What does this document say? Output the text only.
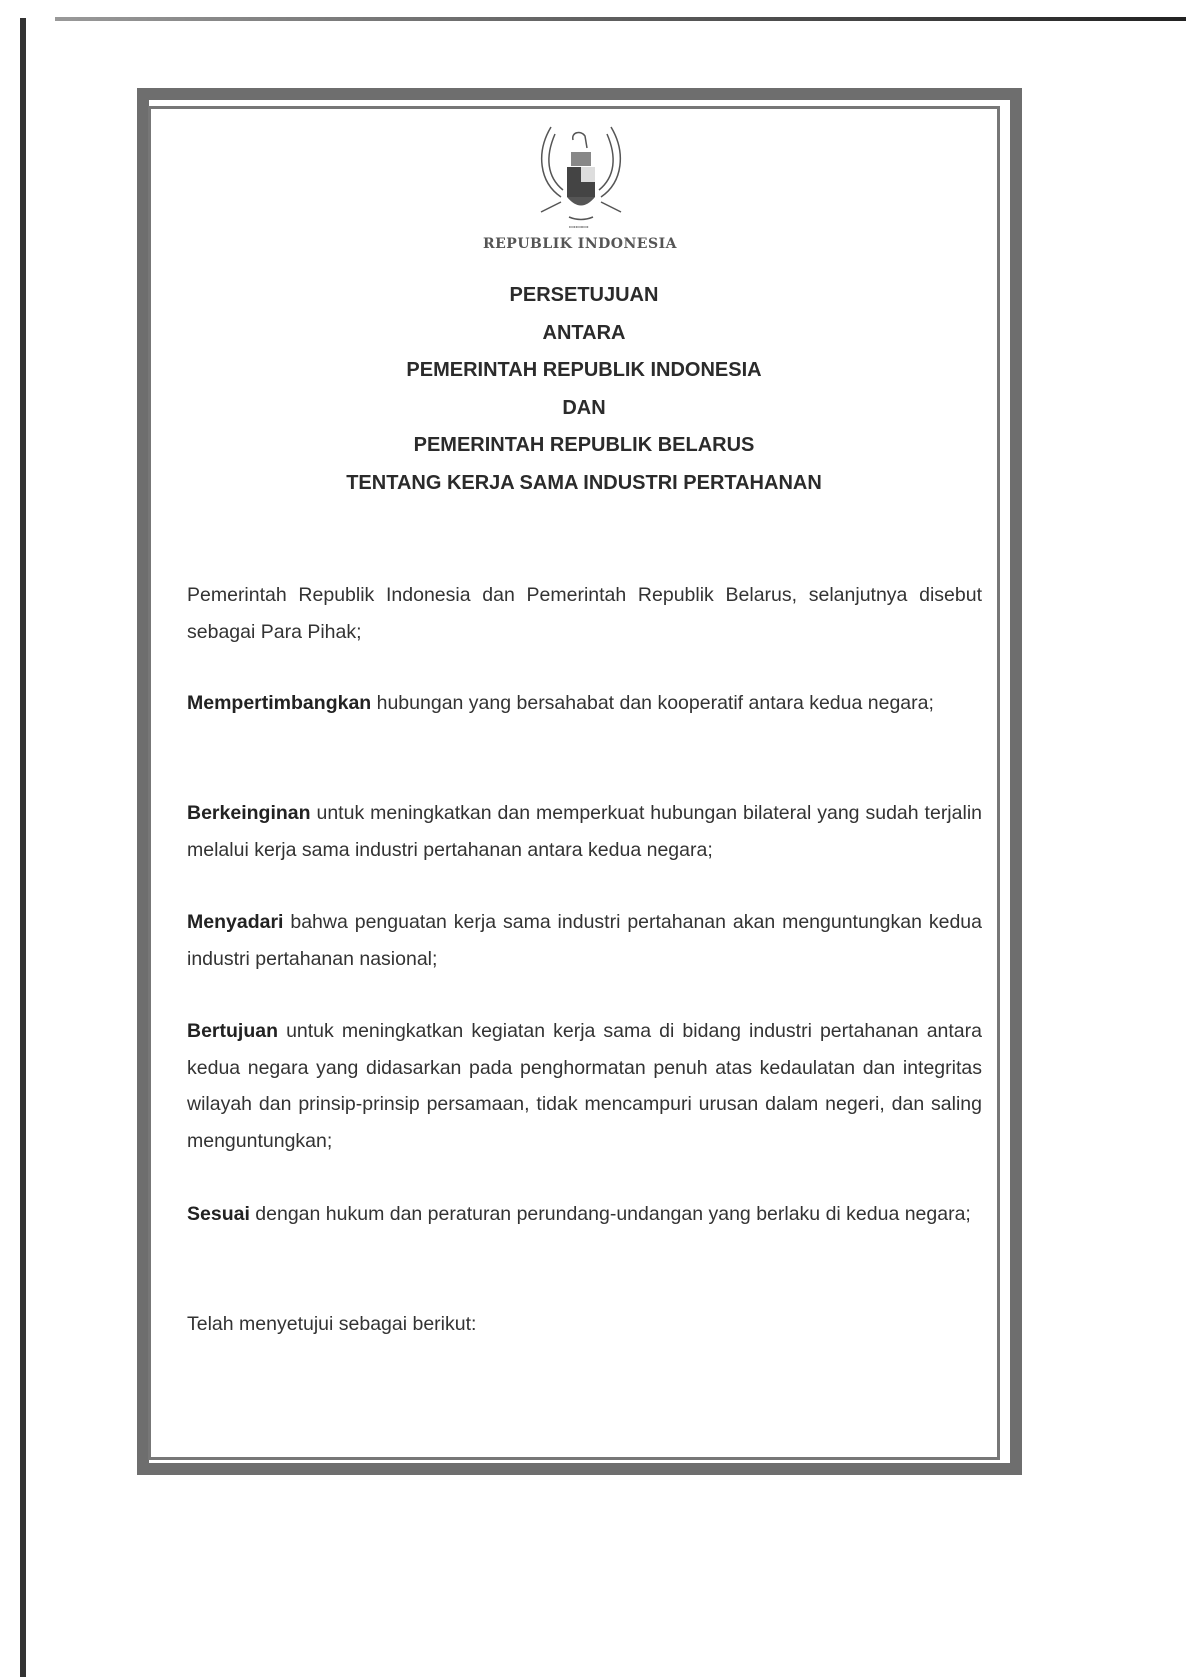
ꟷꟷꟷ
REPUBLIK INDONESIA
PERSETUJUAN
ANTARA
PEMERINTAH REPUBLIK INDONESIA
DAN
PEMERINTAH REPUBLIK BELARUS
TENTANG KERJA SAMA INDUSTRI PERTAHANAN
Pemerintah Republik Indonesia dan Pemerintah Republik Belarus, selanjutnya disebut sebagai Para Pihak;
Mempertimbangkan hubungan yang bersahabat dan kooperatif antara kedua negara;
Berkeinginan untuk meningkatkan dan memperkuat hubungan bilateral yang sudah terjalin melalui kerja sama industri pertahanan antara kedua negara;
Menyadari bahwa penguatan kerja sama industri pertahanan akan menguntungkan kedua industri pertahanan nasional;
Bertujuan untuk meningkatkan kegiatan kerja sama di bidang industri pertahanan antara kedua negara yang didasarkan pada penghormatan penuh atas kedaulatan dan integritas wilayah dan prinsip-prinsip persamaan, tidak mencampuri urusan dalam negeri, dan saling menguntungkan;
Sesuai dengan hukum dan peraturan perundang-undangan yang berlaku di kedua negara;
Telah menyetujui sebagai berikut:
